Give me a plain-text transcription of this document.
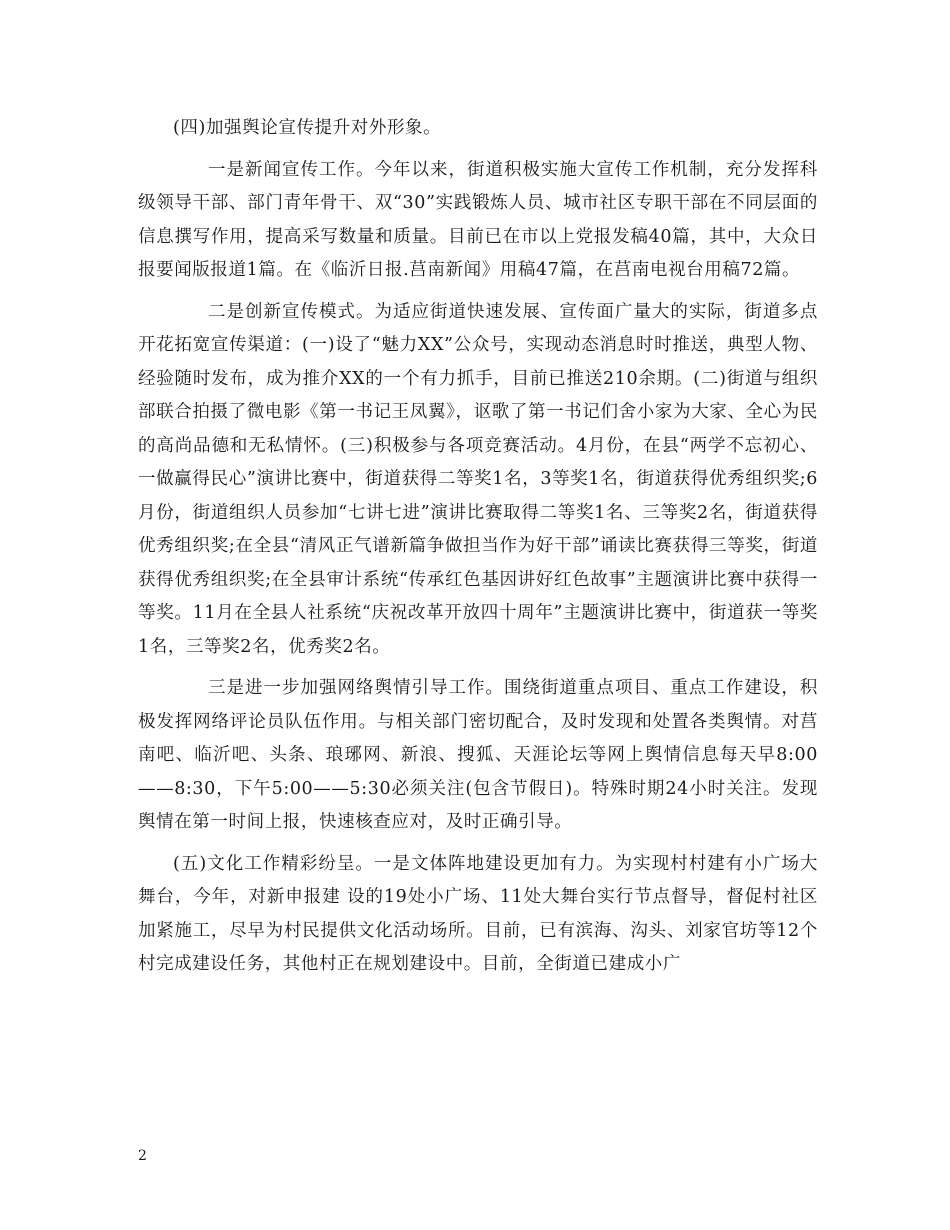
(四)加强舆论宣传提升对外形象。

一是新闻宣传工作。今年以来，街道积极实施大宣传工作机制，充分发挥科级领导干部、部门青年骨干、双“30”实践锻炼人员、城市社区专职干部在不同层面的信息撰写作用，提高采写数量和质量。目前已在市以上党报发稿40篇，其中，大众日报要闻版报道1篇。在《临沂日报.莒南新闻》用稿47篇，在莒南电视台用稿72篇。

二是创新宣传模式。为适应街道快速发展、宣传面广量大的实际，街道多点开花拓宽宣传渠道：(一)设了“魅力XX”公众号，实现动态消息时时推送，典型人物、经验随时发布，成为推介XX的一个有力抓手，目前已推送210余期。(二)街道与组织部联合拍摄了微电影《第一书记王凤翼》，讴歌了第一书记们舍小家为大家、全心为民的高尚品德和无私情怀。(三)积极参与各项竞赛活动。4月份，在县“两学不忘初心、一做赢得民心”演讲比赛中，街道获得二等奖1名，3等奖1名，街道获得优秀组织奖;6月份，街道组织人员参加“七讲七进”演讲比赛取得二等奖1名、三等奖2名，街道获得优秀组织奖;在全县“清风正气谱新篇争做担当作为好干部”诵读比赛获得三等奖，街道获得优秀组织奖;在全县审计系统“传承红色基因讲好红色故事”主题演讲比赛中获得一等奖。11月在全县人社系统“庆祝改革开放四十周年”主题演讲比赛中，街道获一等奖1名，三等奖2名，优秀奖2名。

三是进一步加强网络舆情引导工作。围绕街道重点项目、重点工作建设，积极发挥网络评论员队伍作用。与相关部门密切配合，及时发现和处置各类舆情。对莒南吧、临沂吧、头条、琅琊网、新浪、搜狐、天涯论坛等网上舆情信息每天早8:00——8:30，下午5:00——5:30必须关注(包含节假日)。特殊时期24小时关注。发现舆情在第一时间上报，快速核查应对，及时正确引导。

(五)文化工作精彩纷呈。一是文体阵地建设更加有力。为实现村村建有小广场大舞台，今年，对新申报建 设的19处小广场、11处大舞台实行节点督导，督促村社区加紧施工，尽早为村民提供文化活动场所。目前，已有滨海、沟头、刘家官坊等12个村完成建设任务，其他村正在规划建设中。目前，全街道已建成小广

2
